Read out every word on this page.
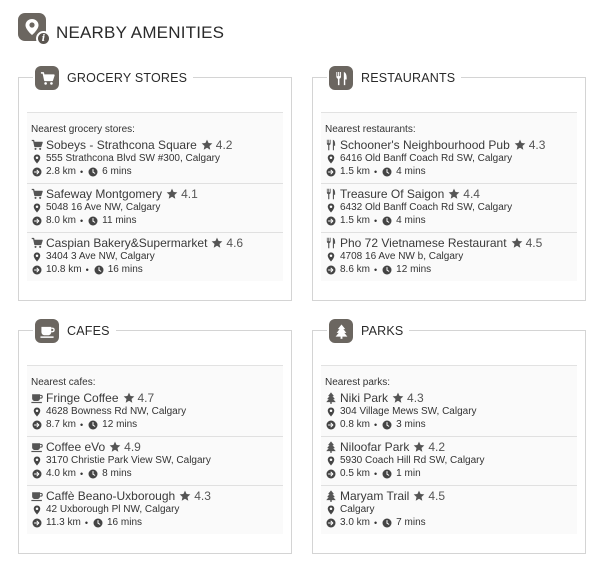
i NEARBY AMENITIES
GROCERY STORES
Nearest grocery stores:
Sobeys - Strathcona Square 4.2
555 Strathcona Blvd SW #300, Calgary
2.8 km • 6 mins
Safeway Montgomery 4.1
5048 16 Ave NW, Calgary
8.0 km • 11 mins
Caspian Bakery&Supermarket 4.6
3404 3 Ave NW, Calgary
10.8 km • 16 mins
RESTAURANTS
Nearest restaurants:
Schooner's Neighbourhood Pub 4.3
6416 Old Banff Coach Rd SW, Calgary
1.5 km • 4 mins
Treasure Of Saigon 4.4
6432 Old Banff Coach Rd SW, Calgary
1.5 km • 4 mins
Pho 72 Vietnamese Restaurant 4.5
4708 16 Ave NW b, Calgary
8.6 km • 12 mins
CAFES
Nearest cafes:
Fringe Coffee 4.7
4628 Bowness Rd NW, Calgary
8.7 km • 12 mins
Coffee eVo 4.9
3170 Christie Park View SW, Calgary
4.0 km • 8 mins
Caffè Beano-Uxborough 4.3
42 Uxborough Pl NW, Calgary
11.3 km • 16 mins
PARKS
Nearest parks:
Niki Park 4.3
304 Village Mews SW, Calgary
0.8 km • 3 mins
Niloofar Park 4.2
5930 Coach Hill Rd SW, Calgary
0.5 km • 1 min
Maryam Trail 4.5
Calgary
3.0 km • 7 mins
